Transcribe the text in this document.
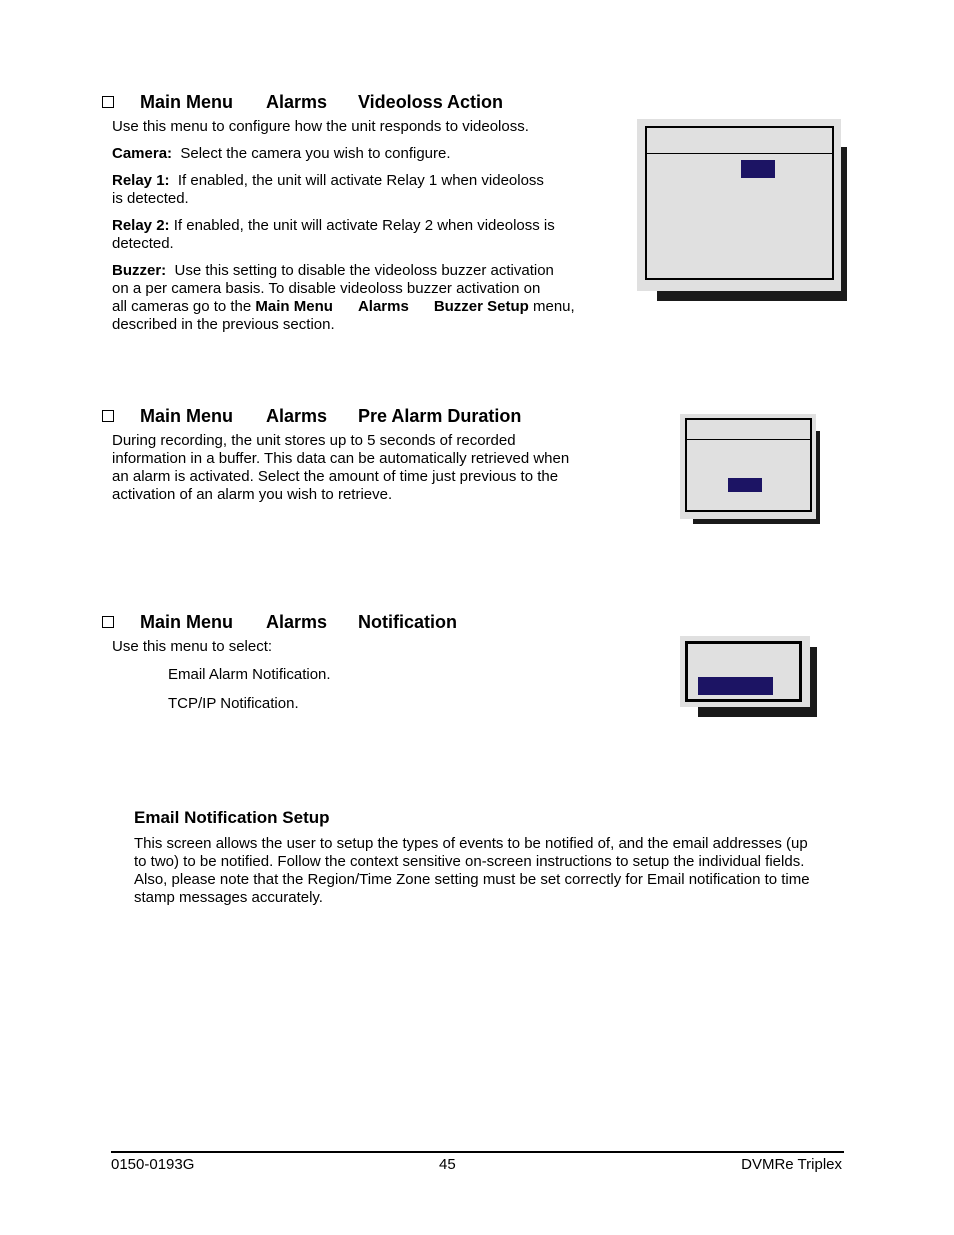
Main Menu Alarms Videoloss Action

Use this menu to configure how the unit responds to videoloss.

Camera: Select the camera you wish to configure.

Relay 1: If enabled, the unit will activate Relay 1 when videoloss
is detected.

Relay 2: If enabled, the unit will activate Relay 2 when videoloss is
detected.

Buzzer: Use this setting to disable the videoloss buzzer activation
on a per camera basis. To disable videoloss buzzer activation on
all cameras go to the Main Menu Alarms Buzzer Setup menu,
described in the previous section.

Main Menu Alarms Pre Alarm Duration

During recording, the unit stores up to 5 seconds of recorded

information in a buffer. This data can be automatically retrieved when

an alarm is activated. Select the amount of time just previous to the

activation of an alarm you wish to retrieve.

Main Menu Alarms Notification
Use this menu to select:
Email Alarm Notification.
TCP/IP Notification.
Email Notification Setup

This screen allows the user to setup the types of events to be notified of, and the email addresses (up

to two) to be notified. Follow the context sensitive on-screen instructions to setup the individual fields.

Also, please note that the Region/Time Zone setting must be set correctly for Email notification to time

stamp messages accurately.

0150-0193G	45	DVMRe Triplex
